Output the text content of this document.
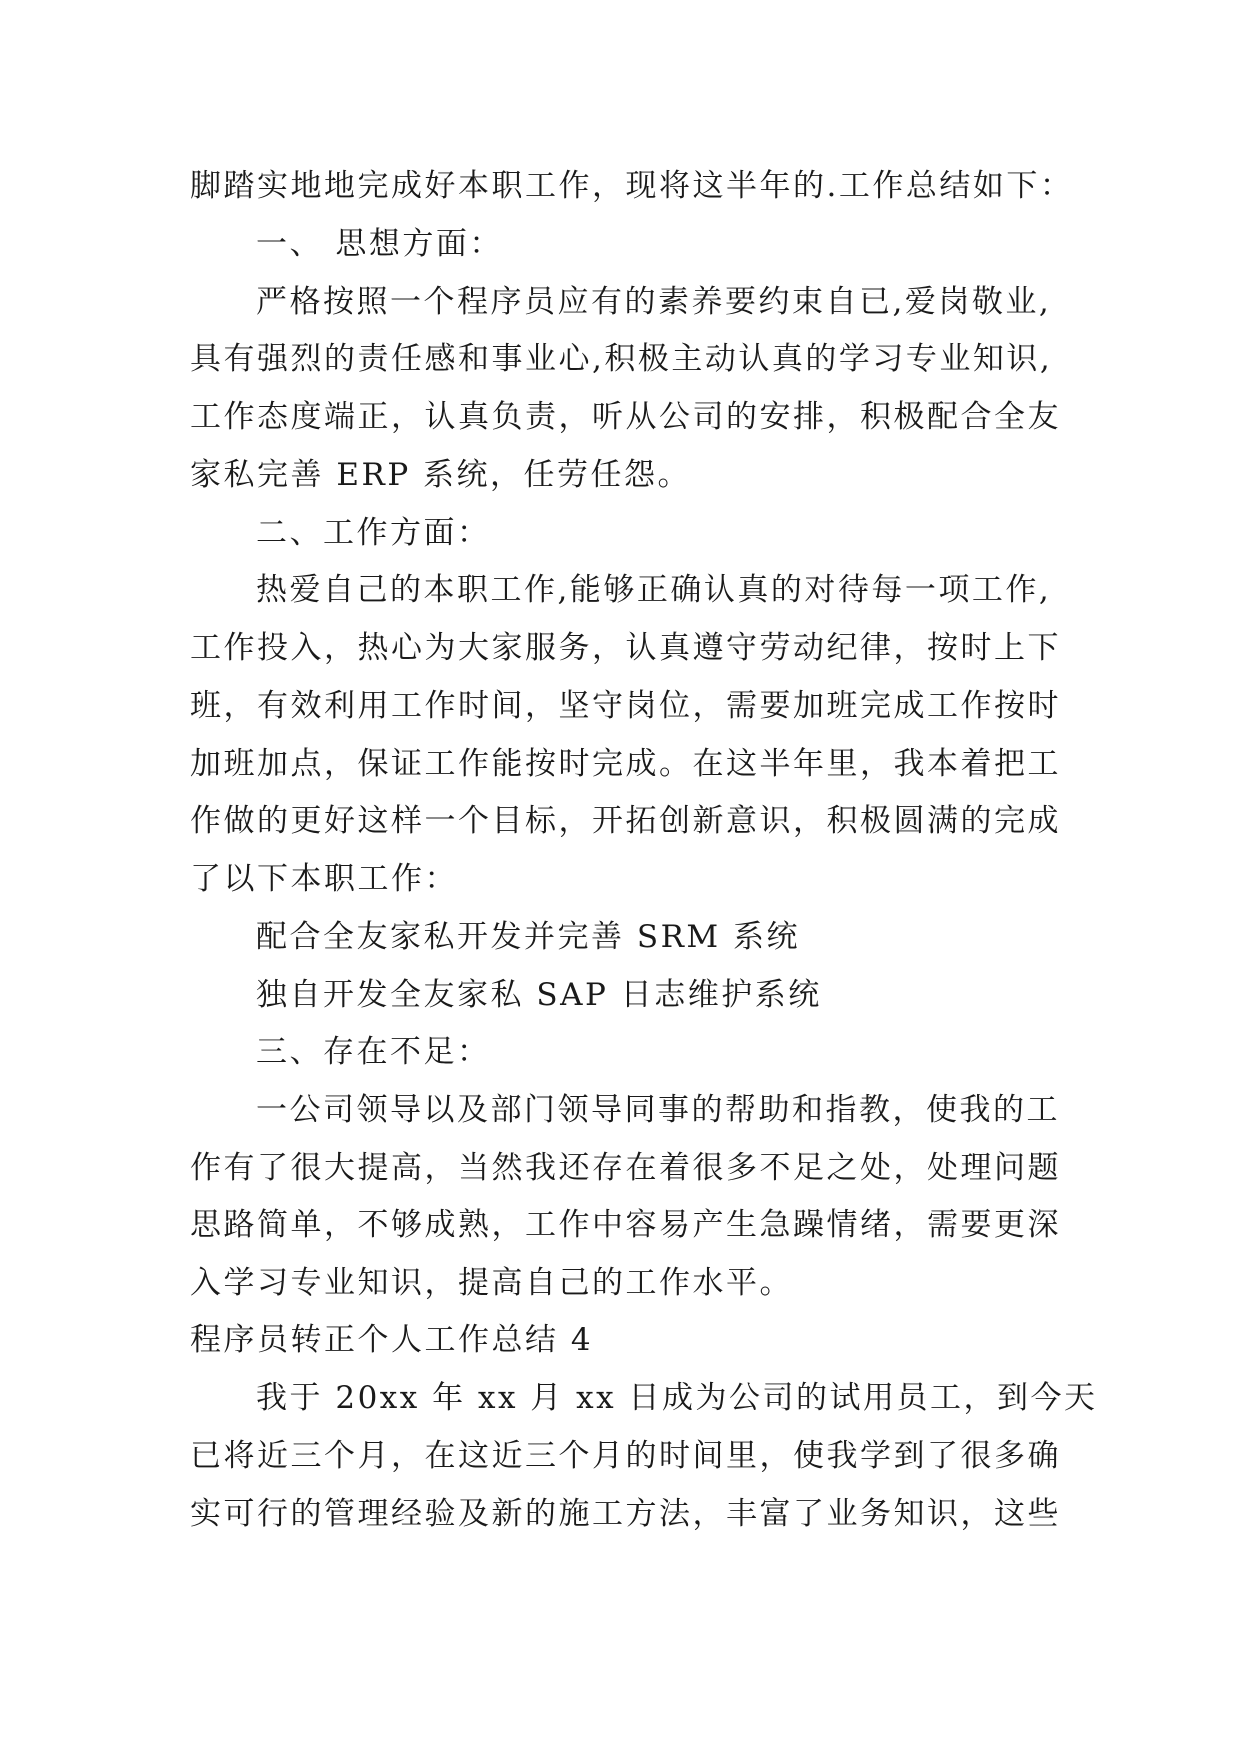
脚踏实地地完成好本职工作，现将这半年的.工作总结如下：
一、 思想方面：
严格按照一个程序员应有的素养要约束自已,爱岗敬业,
具有强烈的责任感和事业心,积极主动认真的学习专业知识,
工作态度端正，认真负责，听从公司的安排，积极配合全友
家私完善 ERP 系统，任劳任怨。
二、工作方面：
热爱自己的本职工作,能够正确认真的对待每一项工作,
工作投入，热心为大家服务，认真遵守劳动纪律，按时上下
班，有效利用工作时间，坚守岗位，需要加班完成工作按时
加班加点，保证工作能按时完成。在这半年里，我本着把工
作做的更好这样一个目标，开拓创新意识，积极圆满的完成
了以下本职工作：
配合全友家私开发并完善 SRM 系统
独自开发全友家私 SAP 日志维护系统
三、存在不足：
一公司领导以及部门领导同事的帮助和指教，使我的工
作有了很大提高，当然我还存在着很多不足之处，处理问题
思路简单，不够成熟，工作中容易产生急躁情绪，需要更深
入学习专业知识，提高自己的工作水平。
程序员转正个人工作总结 4
我于 20xx 年 xx 月 xx 日成为公司的试用员工，到今天
已将近三个月，在这近三个月的时间里，使我学到了很多确
实可行的管理经验及新的施工方法，丰富了业务知识，这些
